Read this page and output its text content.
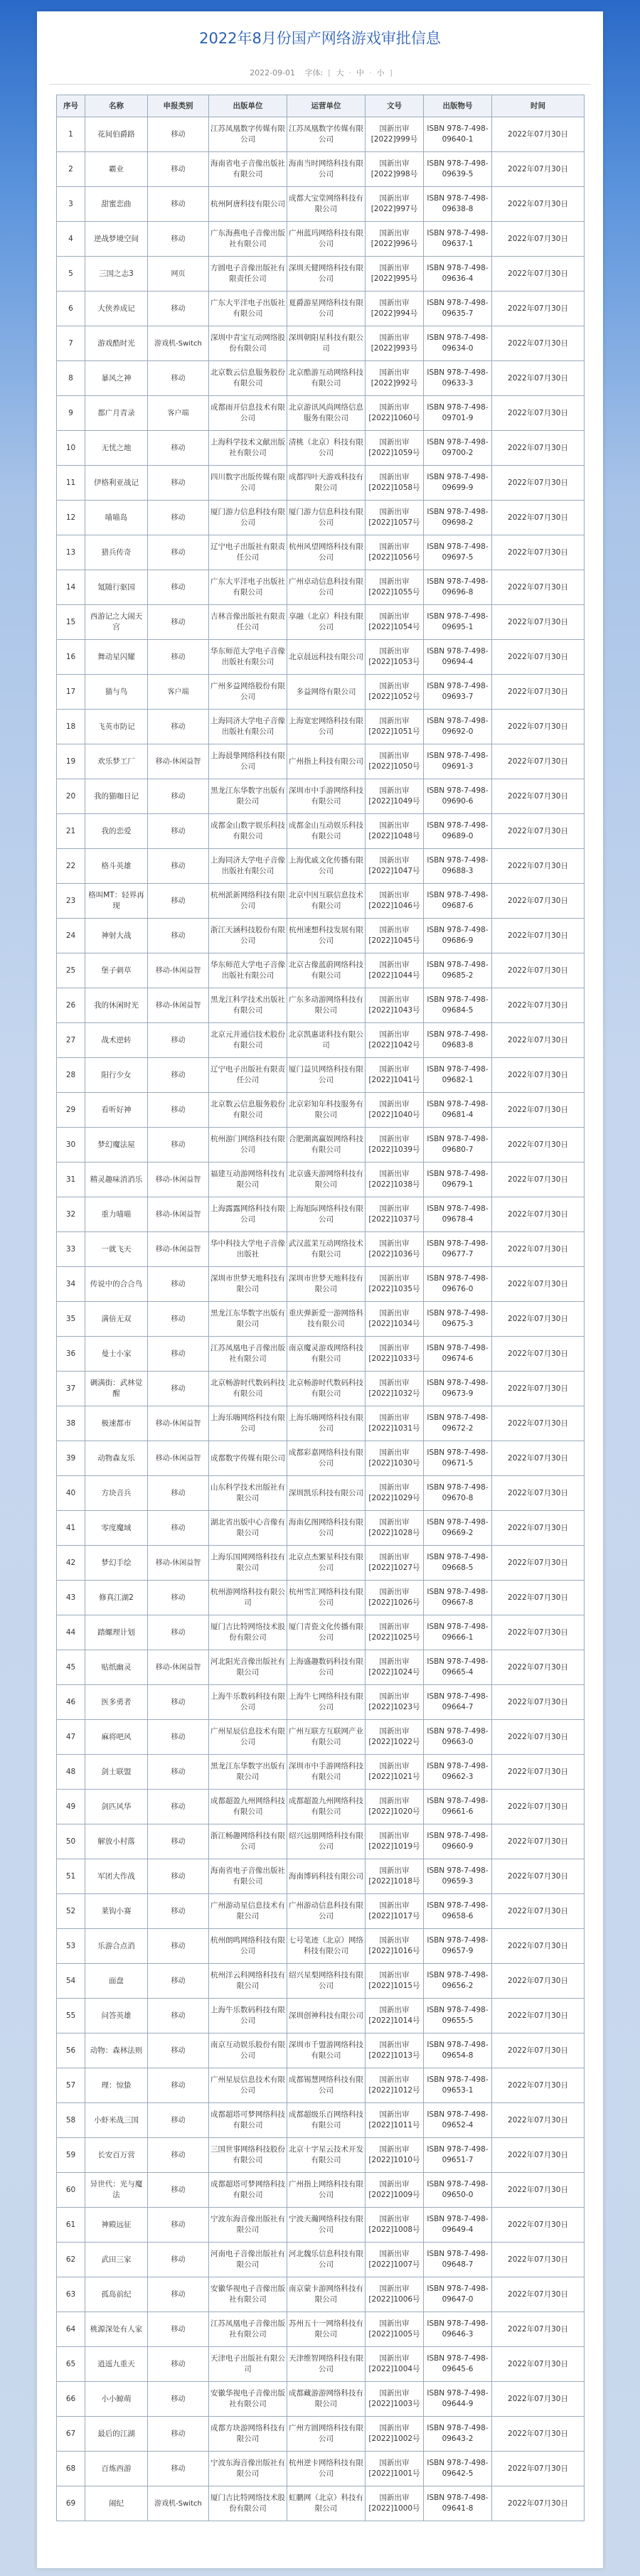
2022年8月份国产网络游戏审批信息
2022-09-01 字体: [ 大 · 中 · 小 ]
序号	名称	申报类别	出版单位	运营单位	文号	出版物号	时间
1	花间伯爵路	移动	江苏凤凰数字传媒有限公司	江苏凤凰数字传媒有限公司	国新出审[2022]999号	ISBN 978-7-498-09640-1	2022年07月30日
2	霸业	移动	海南省电子音像出版社有限公司	海南当时网络科技有限公司	国新出审[2022]998号	ISBN 978-7-498-09639-5	2022年07月30日
3	甜蜜恋曲	移动	杭州阿唐科技有限公司	成都大宝堂网络科技有限公司	国新出审[2022]997号	ISBN 978-7-498-09638-8	2022年07月30日
4	逆战梦境空间	移动	广东海燕电子音像出版社有限公司	广州蓝玛网络科技有限公司	国新出审[2022]996号	ISBN 978-7-498-09637-1	2022年07月30日
5	三国之志3	网页	方圆电子音像出版社有限责任公司	深圳天健网络科技有限公司	国新出审[2022]995号	ISBN 978-7-498-09636-4	2022年07月30日
6	大侠养成记	移动	广东大平洋电子出版社有限公司	夏爵游星网络科技有限公司	国新出审[2022]994号	ISBN 978-7-498-09635-7	2022年07月30日
7	游戏酷时光	游戏机-Switch	深圳中青宝互动网络股份有限公司	深圳朝阳星科技有限公司	国新出审[2022]993号	ISBN 978-7-498-09634-0	2022年07月30日
8	暴风之神	移动	北京数云信息服务股份有限公司	北京酷游互动网络科技有限公司	国新出审[2022]992号	ISBN 978-7-498-09633-3	2022年07月30日
9	都广月青录	客户端	成都雨开信息技术有限公司	北京游讯风尚网络信息服务有限公司	国新出审[2022]1060号	ISBN 978-7-498-09701-9	2022年07月30日
10	无忧之地	移动	上海科学技术文献出版社有限公司	清桃（北京）科技有限公司	国新出审[2022]1059号	ISBN 978-7-498-09700-2	2022年07月30日
11	伊格利亚战记	移动	四川数字出版传媒有限公司	成都四叶天游戏科技有限公司	国新出审[2022]1058号	ISBN 978-7-498-09699-9	2022年07月30日
12	喵喵岛	移动	厦门游力信息科技有限公司	厦门游力信息科技有限公司	国新出审[2022]1057号	ISBN 978-7-498-09698-2	2022年07月30日
13	猎兵传奇	移动	辽宁电子出版社有限责任公司	杭州风望网络科技有限公司	国新出审[2022]1056号	ISBN 978-7-498-09697-5	2022年07月30日
14	氪随行驱园	移动	广东大平洋电子出版社有限公司	广州卓动信息科技有限公司	国新出审[2022]1055号	ISBN 978-7-498-09696-8	2022年07月30日
15	西游记之大闹天宫	移动	吉林音像出版社有限责任公司	享融（北京）科技有限公司	国新出审[2022]1054号	ISBN 978-7-498-09695-1	2022年07月30日
16	舞动星闪耀	移动	华东师范大学电子音像出版社有限公司	北京晨远科技有限公司	国新出审[2022]1053号	ISBN 978-7-498-09694-4	2022年07月30日
17	猫与鸟	客户端	广州多益网络股份有限公司	多益网络有限公司	国新出审[2022]1052号	ISBN 978-7-498-09693-7	2022年07月30日
18	飞英市防记	移动	上海同济大学电子音像出版社有限公司	上海宽宏网络科技有限公司	国新出审[2022]1051号	ISBN 978-7-498-09692-0	2022年07月30日
19	欢乐梦工厂	移动-休闲益智	上海晨挚网络科技有限公司	广州指上科技有限公司	国新出审[2022]1050号	ISBN 978-7-498-09691-3	2022年07月30日
20	我的猫咖日记	移动	黑龙江东华数字出版有限公司	深圳市中手游网络科技有限公司	国新出审[2022]1049号	ISBN 978-7-498-09690-6	2022年07月30日
21	我的恋爱	移动	成都金山数字娱乐科技有限公司	成都金山互动娱乐科技有限公司	国新出审[2022]1048号	ISBN 978-7-498-09689-0	2022年07月30日
22	格斗英雄	移动	上海同济大学电子音像出版社有限公司	上海优戚文化传播有限公司	国新出审[2022]1047号	ISBN 978-7-498-09688-3	2022年07月30日
23	格叫MT：轻界再现	移动	杭州派新网络科技有限公司	北京中因互联信息技术有限公司	国新出审[2022]1046号	ISBN 978-7-498-09687-6	2022年07月30日
24	神射大战	移动	浙江天涵科技股份有限公司	杭州速想科技发展有限公司	国新出审[2022]1045号	ISBN 978-7-498-09686-9	2022年07月30日
25	堡子刺草	移动-休闲益智	华东师范大学电子音像出版社有限公司	北京古像蓝蔚网络科技有限公司	国新出审[2022]1044号	ISBN 978-7-498-09685-2	2022年07月30日
26	我的休闲时光	移动-休闲益智	黑龙江科学技术出版社有限公司	广东多动游网络科技有限公司	国新出审[2022]1043号	ISBN 978-7-498-09684-5	2022年07月30日
27	战术逆转	移动	北京元并通信技术股份有限公司	北京凯惠诺科技有限公司	国新出审[2022]1042号	ISBN 978-7-498-09683-8	2022年07月30日
28	阳行少女	移动	辽宁电子出版社有限责任公司	厦门益贝网络科技有限公司	国新出审[2022]1041号	ISBN 978-7-498-09682-1	2022年07月30日
29	看听好神	移动	北京数云信息服务股份有限公司	北京彩知年科技服务有限公司	国新出审[2022]1040号	ISBN 978-7-498-09681-4	2022年07月30日
30	梦幻魔法屋	移动	杭州游门网络科技有限公司	合肥潮离赢娱网络科技有限公司	国新出审[2022]1039号	ISBN 978-7-498-09680-7	2022年07月30日
31	精灵趣味消消乐	移动-休闲益智	福建互动游网络科技有限公司	北京盛天游网络科技有限公司	国新出审[2022]1038号	ISBN 978-7-498-09679-1	2022年07月30日
32	重力喵喵	移动-休闲益智	上海露露网络科技有限公司	上海旭际网络科技有限公司	国新出审[2022]1037号	ISBN 978-7-498-09678-4	2022年07月30日
33	一就飞天	移动-休闲益智	华中科技大学电子音像出版社	武汉蓝茉互动网络技术有限公司	国新出审[2022]1036号	ISBN 978-7-498-09677-7	2022年07月30日
34	传说中的合合鸟	移动	深圳市世梦天地科技有限公司	深圳市世梦天地科技有限公司	国新出审[2022]1035号	ISBN 978-7-498-09676-0	2022年07月30日
35	满倍无双	移动	黑龙江东华数字出版有限公司	重庆弹新爱一游网络科技有限公司	国新出审[2022]1034号	ISBN 978-7-498-09675-3	2022年07月30日
36	曼士小家	移动	江苏凤凰电子音像出版社有限公司	南京魔灵游戏网络科技有限公司	国新出审[2022]1033号	ISBN 978-7-498-09674-6	2022年07月30日
37	碉满街：武林觉醒	移动	北京畅游时代数码科技有限公司	北京畅游时代数码科技有限公司	国新出审[2022]1032号	ISBN 978-7-498-09673-9	2022年07月30日
38	极速都市	移动-休闲益智	上海乐嗨网络科技有限公司	上海乐嗨网络科技有限公司	国新出审[2022]1031号	ISBN 978-7-498-09672-2	2022年07月30日
39	动物森友乐	移动-休闲益智	成都数字传媒有限公司	成都彩嘉网络科技有限公司	国新出审[2022]1030号	ISBN 978-7-498-09671-5	2022年07月30日
40	方块音兵	移动	山东科学技术出版社有限公司	深圳凯乐科技有限公司	国新出审[2022]1029号	ISBN 978-7-498-09670-8	2022年07月30日
41	零度魔域	移动	湖北省出版中心音像有限公司	海南亿图网络科技有限公司	国新出审[2022]1028号	ISBN 978-7-498-09669-2	2022年07月30日
42	梦幻手绘	移动-休闲益智	上海乐国网网络科技有限公司	北京点杰繁星科技有限公司	国新出审[2022]1027号	ISBN 978-7-498-09668-5	2022年07月30日
43	修真江湖2	移动	杭州游网络科技有限公司	杭州雪汇网络科技有限公司	国新出审[2022]1026号	ISBN 978-7-498-09667-8	2022年07月30日
44	踏螺理计划	移动	厦门吉比特网络技术股份有限公司	厦门青瓷文化传播有限公司	国新出审[2022]1025号	ISBN 978-7-498-09666-1	2022年07月30日
45	贴纸幽灵	移动-休闲益智	河北阳光音像出版社有限公司	上海盛趣数码科技有限公司	国新出审[2022]1024号	ISBN 978-7-498-09665-4	2022年07月30日
46	医多勇者	移动	上海牛乐数码科技有限公司	上海牛七网络科技有限公司	国新出审[2022]1023号	ISBN 978-7-498-09664-7	2022年07月30日
47	麻将吧风	移动	广州星辰信息技术有限公司	广州互联方互联网产业有限公司	国新出审[2022]1022号	ISBN 978-7-498-09663-0	2022年07月30日
48	剑士联盟	移动	黑龙江东华数字出版有限公司	深圳市中手游网络科技有限公司	国新出审[2022]1021号	ISBN 978-7-498-09662-3	2022年07月30日
49	剑匹风华	移动	成都超盈九州网络科技有限公司	成都超盈九州网络科技有限公司	国新出审[2022]1020号	ISBN 978-7-498-09661-6	2022年07月30日
50	解放小村落	移动	浙江畅趣网络科技有限公司	绍兴远朋网络科技有限公司	国新出审[2022]1019号	ISBN 978-7-498-09660-9	2022年07月30日
51	军团大作战	移动	海南省电子音像出版社有限公司	海南博码科技有限公司	国新出审[2022]1018号	ISBN 978-7-498-09659-3	2022年07月30日
52	莱钩小赛	移动	广州游动星信息技术有限公司	广州游动信息科技有限公司	国新出审[2022]1017号	ISBN 978-7-498-09658-6	2022年07月30日
53	乐游合点消	移动	杭州朗鸣网络科技有限公司	七号笔迹（北京）网络科技有限公司	国新出审[2022]1016号	ISBN 978-7-498-09657-9	2022年07月30日
54	面盘	移动	杭州洋云科网络科技有限公司	绍兴星梨网络科技有限公司	国新出审[2022]1015号	ISBN 978-7-498-09656-2	2022年07月30日
55	问答英雄	移动	上海牛乐数码科技有限公司	深圳创神科技有限公司	国新出审[2022]1014号	ISBN 978-7-498-09655-5	2022年07月30日
56	动物：森林法则	移动	南京互动娱乐股份有限公司	深圳市千盟游网络科技有限公司	国新出审[2022]1013号	ISBN 978-7-498-09654-8	2022年07月30日
57	理：惊蛰	移动	广州星辰信息技术有限公司	成都锡慧网络科技有限公司	国新出审[2022]1012号	ISBN 978-7-498-09653-1	2022年07月30日
58	小虾米战三国	移动	成都超塔可梦网络科技有限公司	成都超级乐百网络科技有限公司	国新出审[2022]1011号	ISBN 978-7-498-09652-4	2022年07月30日
59	长安百万营	移动	三国世事网络科技股份有限公司	北京十字星云技术开发有限公司	国新出审[2022]1010号	ISBN 978-7-498-09651-7	2022年07月30日
60	异世代：光与魔法	移动	成都超塔可梦网络科技有限公司	广州指上网络科技有限公司	国新出审[2022]1009号	ISBN 978-7-498-09650-0	2022年07月30日
61	神殿远征	移动	宁波东海音像出版社有限公司	宁波天瀚网络科技有限公司	国新出审[2022]1008号	ISBN 978-7-498-09649-4	2022年07月30日
62	武田三家	移动	河南电子音像出版社有限公司	河北魏乐信息科技有限公司	国新出审[2022]1007号	ISBN 978-7-498-09648-7	2022年07月30日
63	孤岛前纪	移动	安徽华视电子音像出版社有限公司	南京蒙卡游网络科技有限公司	国新出审[2022]1006号	ISBN 978-7-498-09647-0	2022年07月30日
64	桃源深处有人家	移动	江苏凤凰电子音像出版社有限公司	苏州五十一网络科技有限公司	国新出审[2022]1005号	ISBN 978-7-498-09646-3	2022年07月30日
65	逍遥九重天	移动	天津电子出版社有限公司	天津维智网络科技有限公司	国新出审[2022]1004号	ISBN 978-7-498-09645-6	2022年07月30日
66	小小鲸萌	移动	安徽华视电子音像出版社有限公司	成都藏游游网络科技有限公司	国新出审[2022]1003号	ISBN 978-7-498-09644-9	2022年07月30日
67	最后的江湖	移动	成都方块游网络科技有限公司	广州方圆网络科技有限公司	国新出审[2022]1002号	ISBN 978-7-498-09643-2	2022年07月30日
68	百炼西游	移动	宁波东海音像出版社有限公司	杭州逆卡网络科技有限公司	国新出审[2022]1001号	ISBN 978-7-498-09642-5	2022年07月30日
69	闹纪	游戏机-Switch	厦门吉比特网络技术股份有限公司	虹鹏网（北京）科技有限公司	国新出审[2022]1000号	ISBN 978-7-498-09641-8	2022年07月30日
